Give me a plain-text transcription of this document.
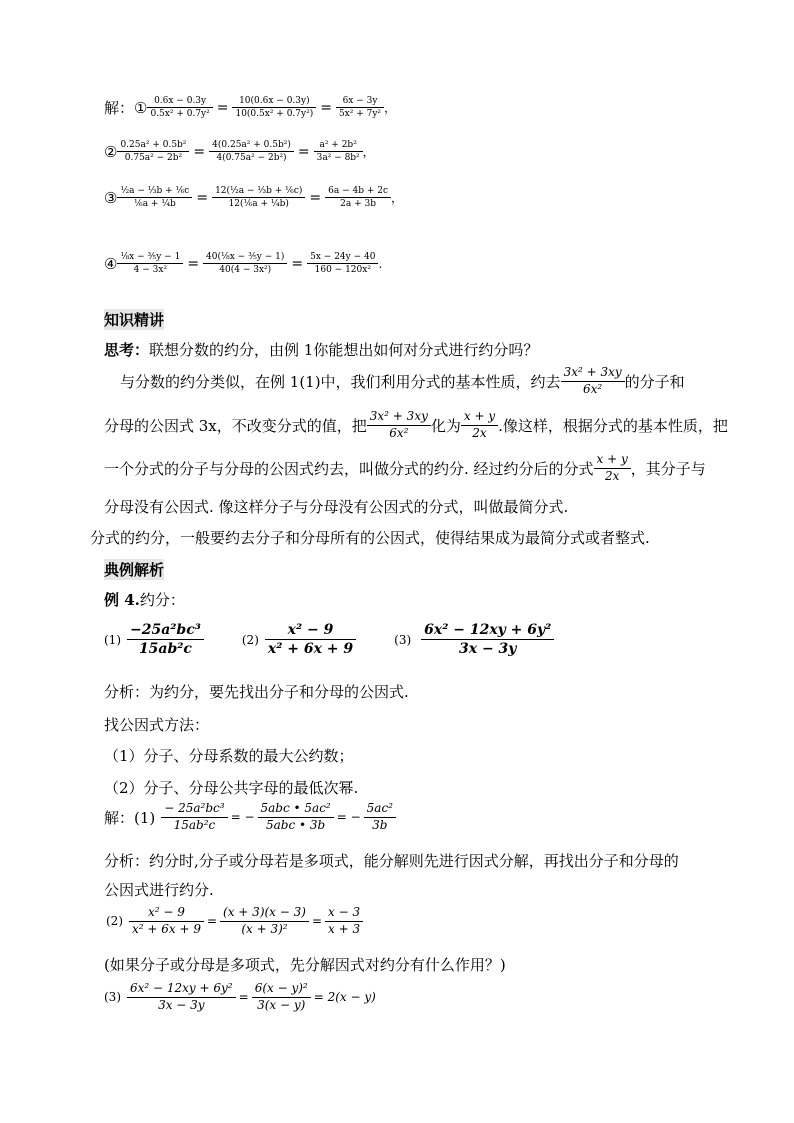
解： ① $\frac{0.6x - 0.3y}{\text{0.5x² + 0.7y²}} = \frac{10(0.6x - 0.3y)}{\text{10(0.5x² + 0.7y²)}} = \frac{6x - 3y}{\text{5x² + 7y²}}$ ，
② $\frac{\text{0.25a² + 0.5b²}}{\text{0.75a² − 2b²}} = \frac{\text{4(0.25a² + 0.5b²)}}{\text{4(0.75a² − 2b²)}} = \frac{\text{a² + 2b²}}{\text{3a² − 8b²}}$ ，
③ $\frac{\text{½a − ⅓b + ⅙c}}{\text{⅙a + ¼b}} = \frac{\text{12(½a − ⅓b + ⅙c)}}{\text{12(⅙a + ¼b)}} = \frac{6a - 4b + 2c}{2a + 3b}$ ，
④ $\frac{\text{⅛x − ⅗y − 1}}{\text{4 − 3x²}} = \frac{\text{40(⅛x − ⅗y − 1)}}{\text{40(4 − 3x²)}} = \frac{5x - 24y - 40}{\text{160 − 120x²}}$ .
知识精讲
思考：联想分数的约分，由例 1你能想出如何对分式进行约分吗？
与分数的约分类似，在例 1(1)中，我们利用分式的基本性质，约去 $\frac{\text{3x² + 3xy}}{\text{6x²}}$ 的分子和
分母的公因式 3x，不改变分式的值，把 $\frac{\text{3x² + 3xy}}{\text{6x²}}$ 化为 $\frac{x + y}{2x}$ .像这样，根据分式的基本性质，把
一个分式的分子与分母的公因式约去，叫做分式的约分. 经过约分后的分式 $\frac{x + y}{2x}$ ，其分子与
分母没有公因式. 像这样分子与分母没有公因式的分式，叫做最简分式.
分式的约分，一般要约去分子和分母所有的公因式，使得结果成为最简分式或者整式.
典例解析
例 4.约分：
$(1) \frac{\text{−25a²bc³}}{\text{15ab²c}}$	$(2) \frac{\text{x² − 9}}{\text{x² + 6x + 9}}$	$(3) \frac{\text{6x² − 12xy + 6y²}}{3x - 3y}$
分析：为约分，要先找出分子和分母的公因式.
找公因式方法：
（1）分子、分母系数的最大公约数；
（2）分子、分母公共字母的最低次幂.
解：$(1) \frac{\text{− 25a²bc³}}{\text{15ab²c}}$ = − $\frac{\text{5abc • 5ac²}}{\text{5abc • 3b}}$ = − $\frac{\text{5ac²}}{3b}$
分析：约分时,分子或分母若是多项式，能分解则先进行因式分解，再找出分子和分母的
公因式进行约分.
$(2) \frac{\text{x² − 9}}{\text{x² + 6x + 9}} = \frac{(x + 3)(x - 3)}{\text{(x + 3)²}} = \frac{x - 3}{x + 3}$
(如果分子或分母是多项式，先分解因式对约分有什么作用？)
$(3) \frac{\text{6x² − 12xy + 6y²}}{3x - 3y} = \frac{\text{6(x − y)²}}{3(x - y)} = 2(x - y)$
